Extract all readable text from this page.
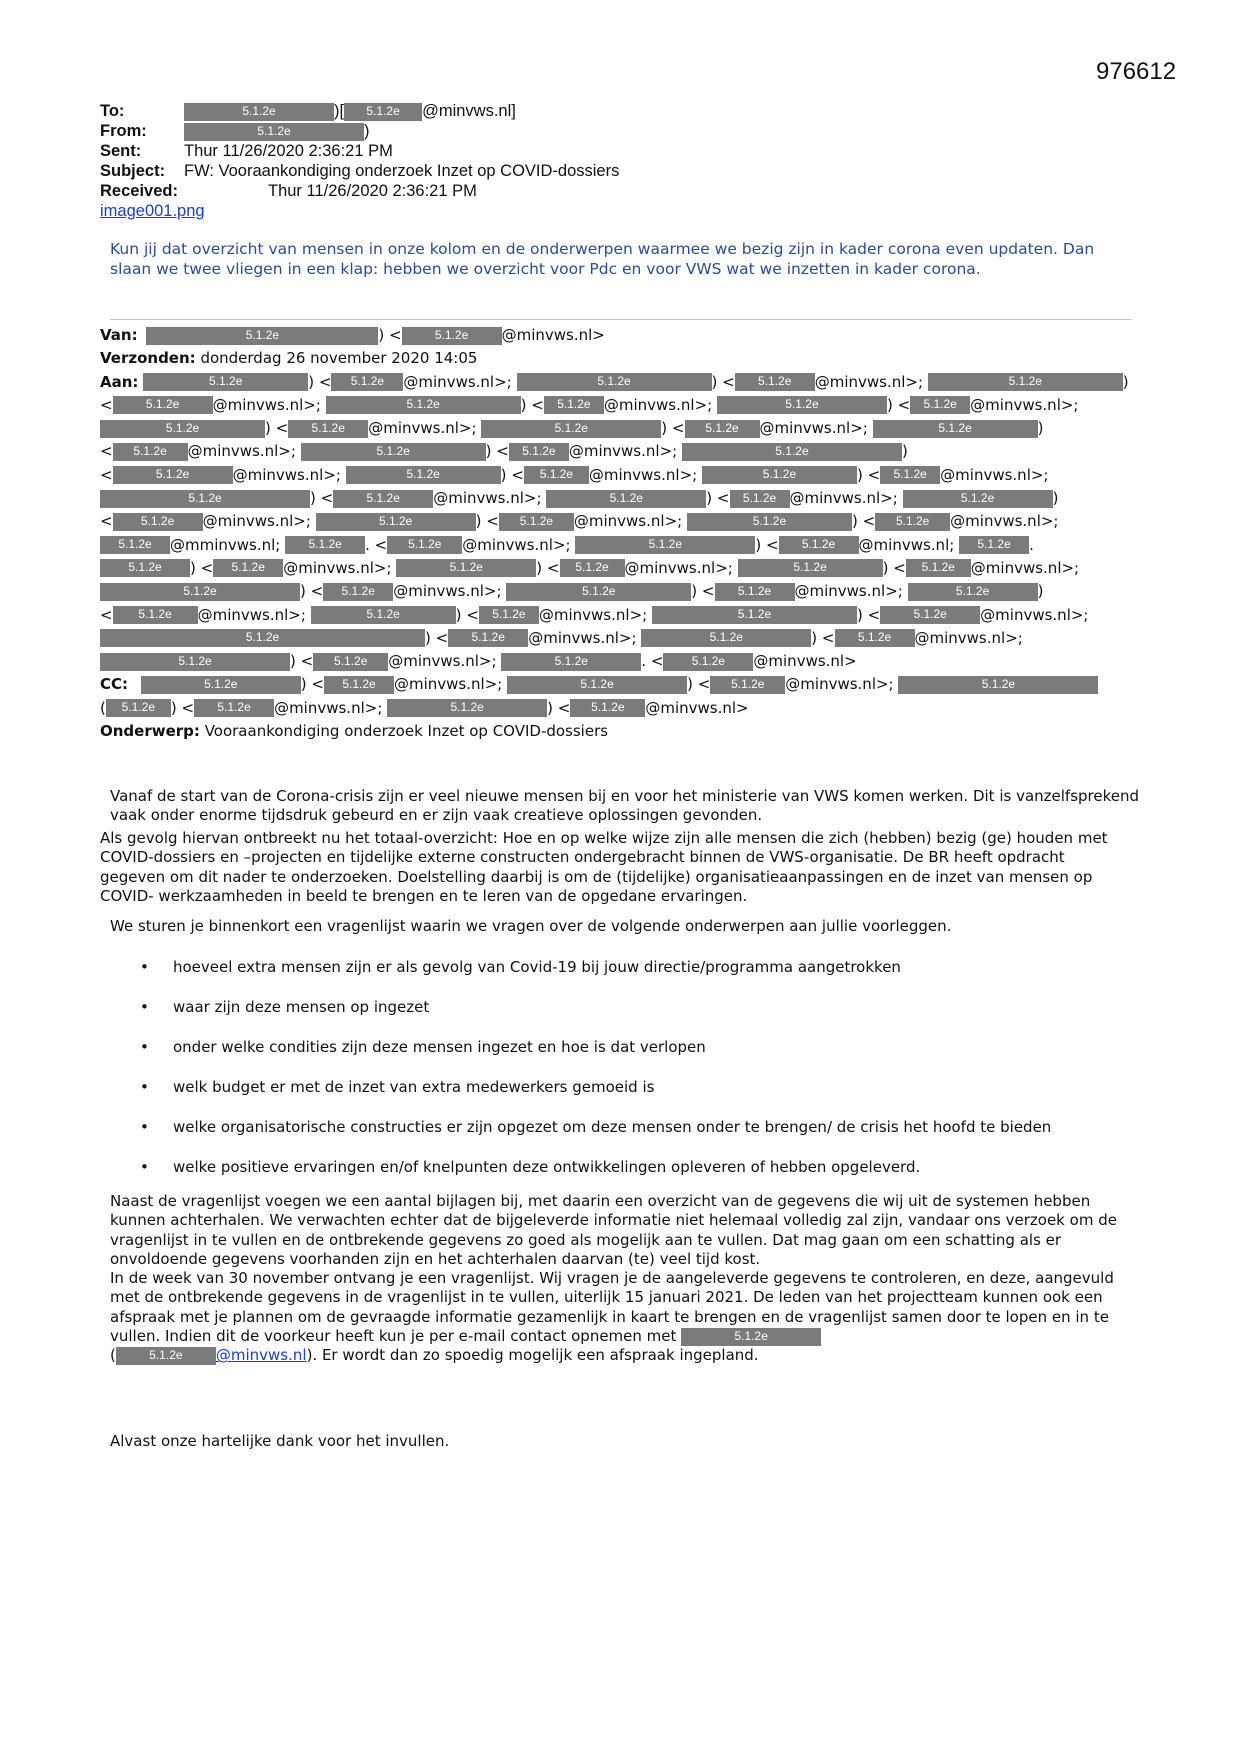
976612
To:	5.1.2e	)[ 5.1.2e @minvws.nl]
From:	5.1.2e	)
Sent:	Thur 11/26/2020 2:36:21 PM
Subject: FW: Vooraankondiging onderzoek Inzet op COVID-dossiers
Received:	Thur 11/26/2020 2:36:21 PM
image001.png
Kun jij dat overzicht van mensen in onze kolom en de onderwerpen waarmee we bezig zijn in kader corona even updaten. Dan slaan we twee vliegen in een klap: hebben we overzicht voor Pdc en voor VWS wat we inzetten in kader corona.
Van:	5.1.2e	) <	5.1.2e @minvws.nl>
Verzonden: donderdag 26 november 2020 14:05
Aan:	5.1.2e	) < 5.1.2e @minvws.nl>;	5.1.2e	) < 5.1.2e @minvws.nl>;	5.1.2e	)
<	5.1.2e @minvws.nl>;	5.1.2e	) < 5.1.2e @minvws.nl>;	5.1.2e	) < 5.1.2e @minvws.nl>;
5.1.2e	) < 5.1.2e @minvws.nl>;	5.1.2e	) < 5.1.2e @minvws.nl>;	5.1.2e	)
< 5.1.2e @minvws.nl>;	5.1.2e	) < 5.1.2e @minvws.nl>;	5.1.2e	)
<	5.1.2e	@minvws.nl>;	5.1.2e	) < 5.1.2e @minvws.nl>;	5.1.2e	) < 5.1.2e @minvws.nl>;
5.1.2e	) <	5.1.2e @minvws.nl>;	5.1.2e	) < 5.1.2e @minvws.nl>;	5.1.2e	)
< 5.1.2e @minvws.nl>;	5.1.2e	) < 5.1.2e @minvws.nl>;	5.1.2e	) < 5.1.2e @minvws.nl>;
5.1.2e @mminvws.nl; 5.1.2e . < 5.1.2e @minvws.nl>;	5.1.2e	) < 5.1.2e @minvws.nl; 5.1.2e .
5.1.2e ) < 5.1.2e @minvws.nl>;	5.1.2e	) < 5.1.2e @minvws.nl>;	5.1.2e	) < 5.1.2e @minvws.nl>;
5.1.2e	) < 5.1.2e @minvws.nl>;	5.1.2e	) < 5.1.2e @minvws.nl>;	5.1.2e	)
< 5.1.2e @minvws.nl>;	5.1.2e	) < 5.1.2e @minvws.nl>;	5.1.2e	) <	5.1.2e @minvws.nl>;
5.1.2e	) < 5.1.2e @minvws.nl>;	5.1.2e	) < 5.1.2e @minvws.nl>;
5.1.2e	) < 5.1.2e @minvws.nl>;	5.1.2e	. < 5.1.2e @minvws.nl>
CC:	5.1.2e	) < 5.1.2e @minvws.nl>;	5.1.2e	) < 5.1.2e @minvws.nl>;	5.1.2e
( 5.1.2e ) < 5.1.2e @minvws.nl>;	5.1.2e	) < 5.1.2e @minvws.nl>
Onderwerp: Vooraankondiging onderzoek Inzet op COVID-dossiers
Vanaf de start van de Corona-crisis zijn er veel nieuwe mensen bij en voor het ministerie van VWS komen werken. Dit is vanzelfsprekend vaak onder enorme tijdsdruk gebeurd en er zijn vaak creatieve oplossingen gevonden.
Als gevolg hiervan ontbreekt nu het totaal-overzicht: Hoe en op welke wijze zijn alle mensen die zich (hebben) bezig (ge) houden met COVID-dossiers en –projecten en tijdelijke externe constructen ondergebracht binnen de VWS-organisatie. De BR heeft opdracht gegeven om dit nader te onderzoeken. Doelstelling daarbij is om de (tijdelijke) organisatieaanpassingen en de inzet van mensen op COVID- werkzaamheden in beeld te brengen en te leren van de opgedane ervaringen.
We sturen je binnenkort een vragenlijst waarin we vragen over de volgende onderwerpen aan jullie voorleggen.
• hoeveel extra mensen zijn er als gevolg van Covid-19 bij jouw directie/programma aangetrokken
• waar zijn deze mensen op ingezet
• onder welke condities zijn deze mensen ingezet en hoe is dat verlopen
• welk budget er met de inzet van extra medewerkers gemoeid is
• welke organisatorische constructies er zijn opgezet om deze mensen onder te brengen/ de crisis het hoofd te bieden
• welke positieve ervaringen en/of knelpunten deze ontwikkelingen opleveren of hebben opgeleverd.
Naast de vragenlijst voegen we een aantal bijlagen bij, met daarin een overzicht van de gegevens die wij uit de systemen hebben kunnen achterhalen. We verwachten echter dat de bijgeleverde informatie niet helemaal volledig zal zijn, vandaar ons verzoek om de vragenlijst in te vullen en de ontbrekende gegevens zo goed als mogelijk aan te vullen. Dat mag gaan om een schatting als er onvoldoende gegevens voorhanden zijn en het achterhalen daarvan (te) veel tijd kost.
In de week van 30 november ontvang je een vragenlijst. Wij vragen je de aangeleverde gegevens te controleren, en deze, aangevuld met de ontbrekende gegevens in de vragenlijst in te vullen, uiterlijk 15 januari 2021. De leden van het projectteam kunnen ook een afspraak met je plannen om de gevraagde informatie gezamenlijk in kaart te brengen en de vragenlijst samen door te lopen en in te vullen. Indien dit de voorkeur heeft kun je per e-mail contact opnemen met	5.1.2e
(	5.1.2e @minvws.nl). Er wordt dan zo spoedig mogelijk een afspraak ingepland.
Alvast onze hartelijke dank voor het invullen.
